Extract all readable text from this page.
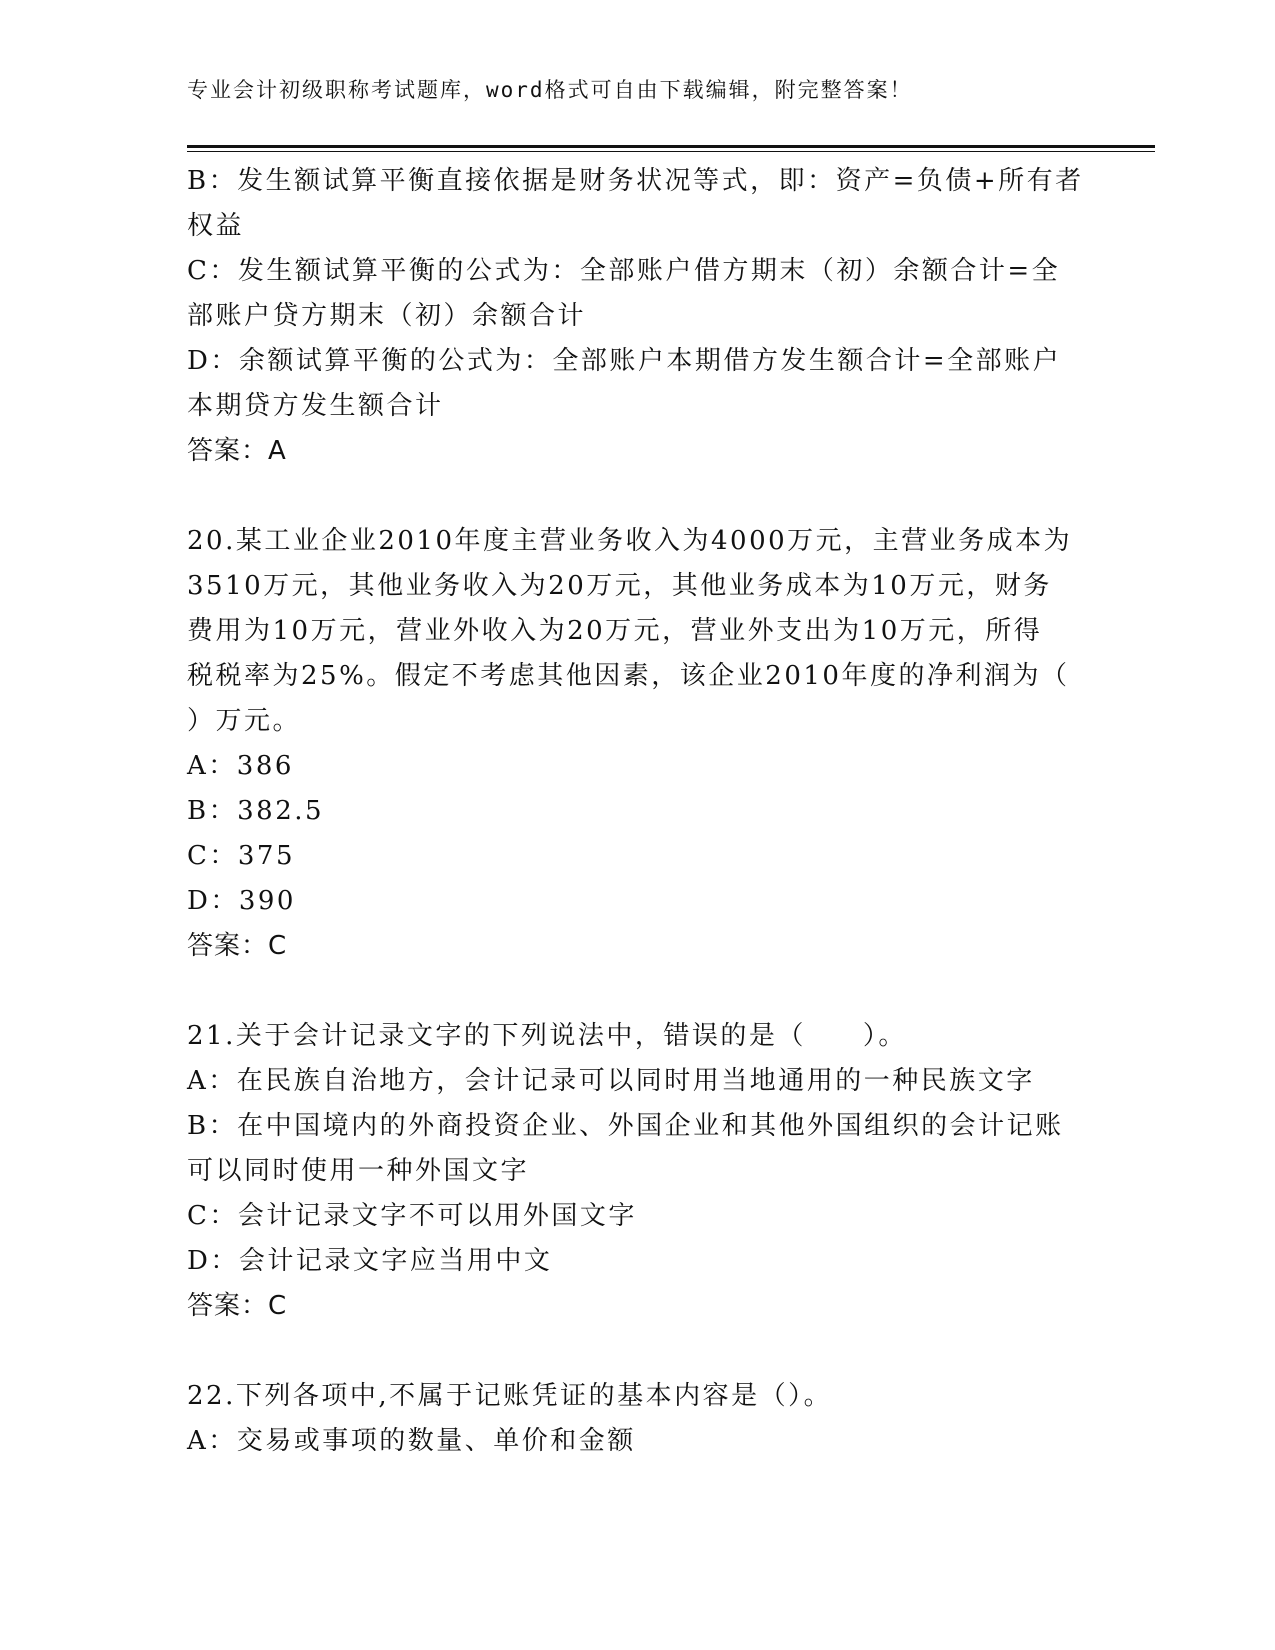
专业会计初级职称考试题库，word格式可自由下载编辑，附完整答案！
B：发生额试算平衡直接依据是财务状况等式，即：资产=负债+所有者
权益
C：发生额试算平衡的公式为：全部账户借方期末（初）余额合计=全
部账户贷方期末（初）余额合计
D：余额试算平衡的公式为：全部账户本期借方发生额合计=全部账户
本期贷方发生额合计
答案：A
20.某工业企业2010年度主营业务收入为4000万元，主营业务成本为
3510万元，其他业务收入为20万元，其他业务成本为10万元，财务
费用为10万元，营业外收入为20万元，营业外支出为10万元，所得
税税率为25%。假定不考虑其他因素，该企业2010年度的净利润为（
）万元。
A：386
B：382.5
C：375
D：390
答案：C
21.关于会计记录文字的下列说法中，错误的是（　　）。
A：在民族自治地方，会计记录可以同时用当地通用的一种民族文字
B：在中国境内的外商投资企业、外国企业和其他外国组织的会计记账
可以同时使用一种外国文字
C：会计记录文字不可以用外国文字
D：会计记录文字应当用中文
答案：C
22.下列各项中,不属于记账凭证的基本内容是（）。
A：交易或事项的数量、单价和金额
